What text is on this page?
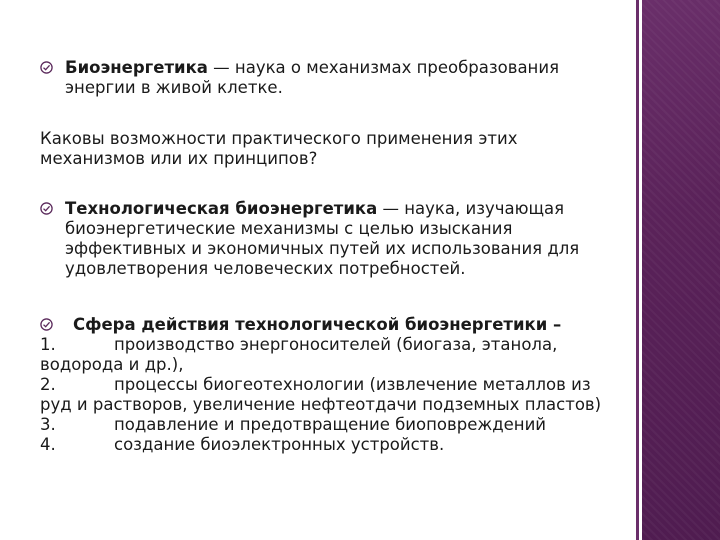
Биоэнергетика — наука о механизмах преобразования энергии в живой клетке.
Каковы возможности практического применения этих механизмов или их принципов?
Технологическая биоэнергетика — наука, изучающая биоэнергетические механизмы с целью изыскания эффективных и экономичных путей их использования для удовлетворения человеческих потребностей.
Сфера действия технологической биоэнергетики –
1.	производство энергоносителей (биогаза, этанола, водорода и др.),
2.	процессы биогеотехнологии (извлечение металлов из руд и растворов, увеличение нефтеотдачи подземных пластов)
3.	подавление и предотвращение биоповреждений
4.	создание биоэлектронных устройств.
